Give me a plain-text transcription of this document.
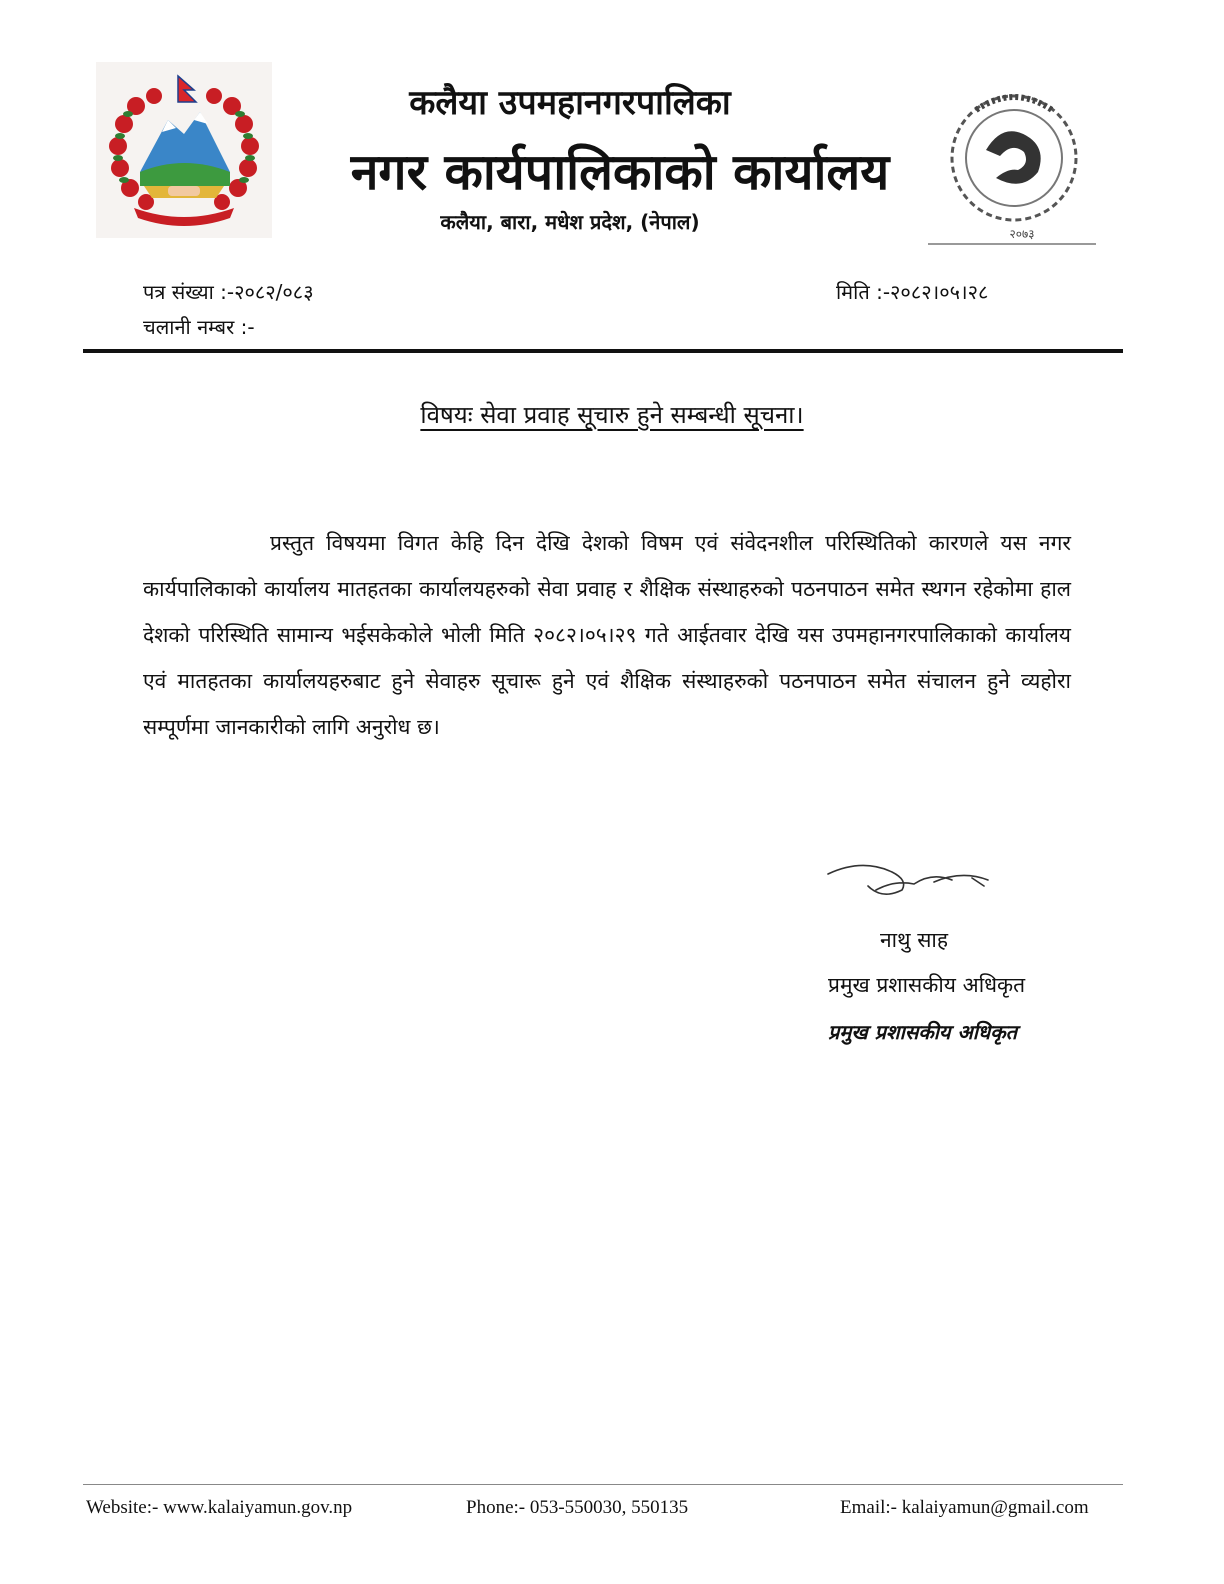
कलैया उपमहानगरपालिका
नगर कार्यपालिकाको कार्यालय
कलैया, बारा, मधेश प्रदेश, (नेपाल)	२०७३
पत्र संख्या :-२०८२/०८३
चलानी नम्बर :-
मिति :-२०८२।०५।२८
विषयः सेवा प्रवाह सूचारु हुने सम्बन्धी सूचना।
प्रस्तुत विषयमा विगत केहि दिन देखि देशको विषम एवं संवेदनशील परिस्थितिको कारणले यस नगर कार्यपालिकाको कार्यालय मातहतका कार्यालयहरुको सेवा प्रवाह र शैक्षिक संस्थाहरुको पठनपाठन समेत स्थगन रहेकोमा हाल देशको परिस्थिति सामान्य भईसकेकोले भोली मिति २०८२।०५।२९ गते आईतवार देखि यस उपमहानगरपालिकाको कार्यालय एवं मातहतका कार्यालयहरुबाट हुने सेवाहरु सूचारू हुने एवं शैक्षिक संस्थाहरुको पठनपाठन समेत संचालन हुने व्यहोरा सम्पूर्णमा जानकारीको लागि अनुरोध छ।
नाथु साह
प्रमुख प्रशासकीय अधिकृत
प्रमुख प्रशासकीय अधिकृत
Website:- www.kalaiyamun.gov.np	Phone:- 053-550030, 550135	Email:- kalaiyamun@gmail.com
